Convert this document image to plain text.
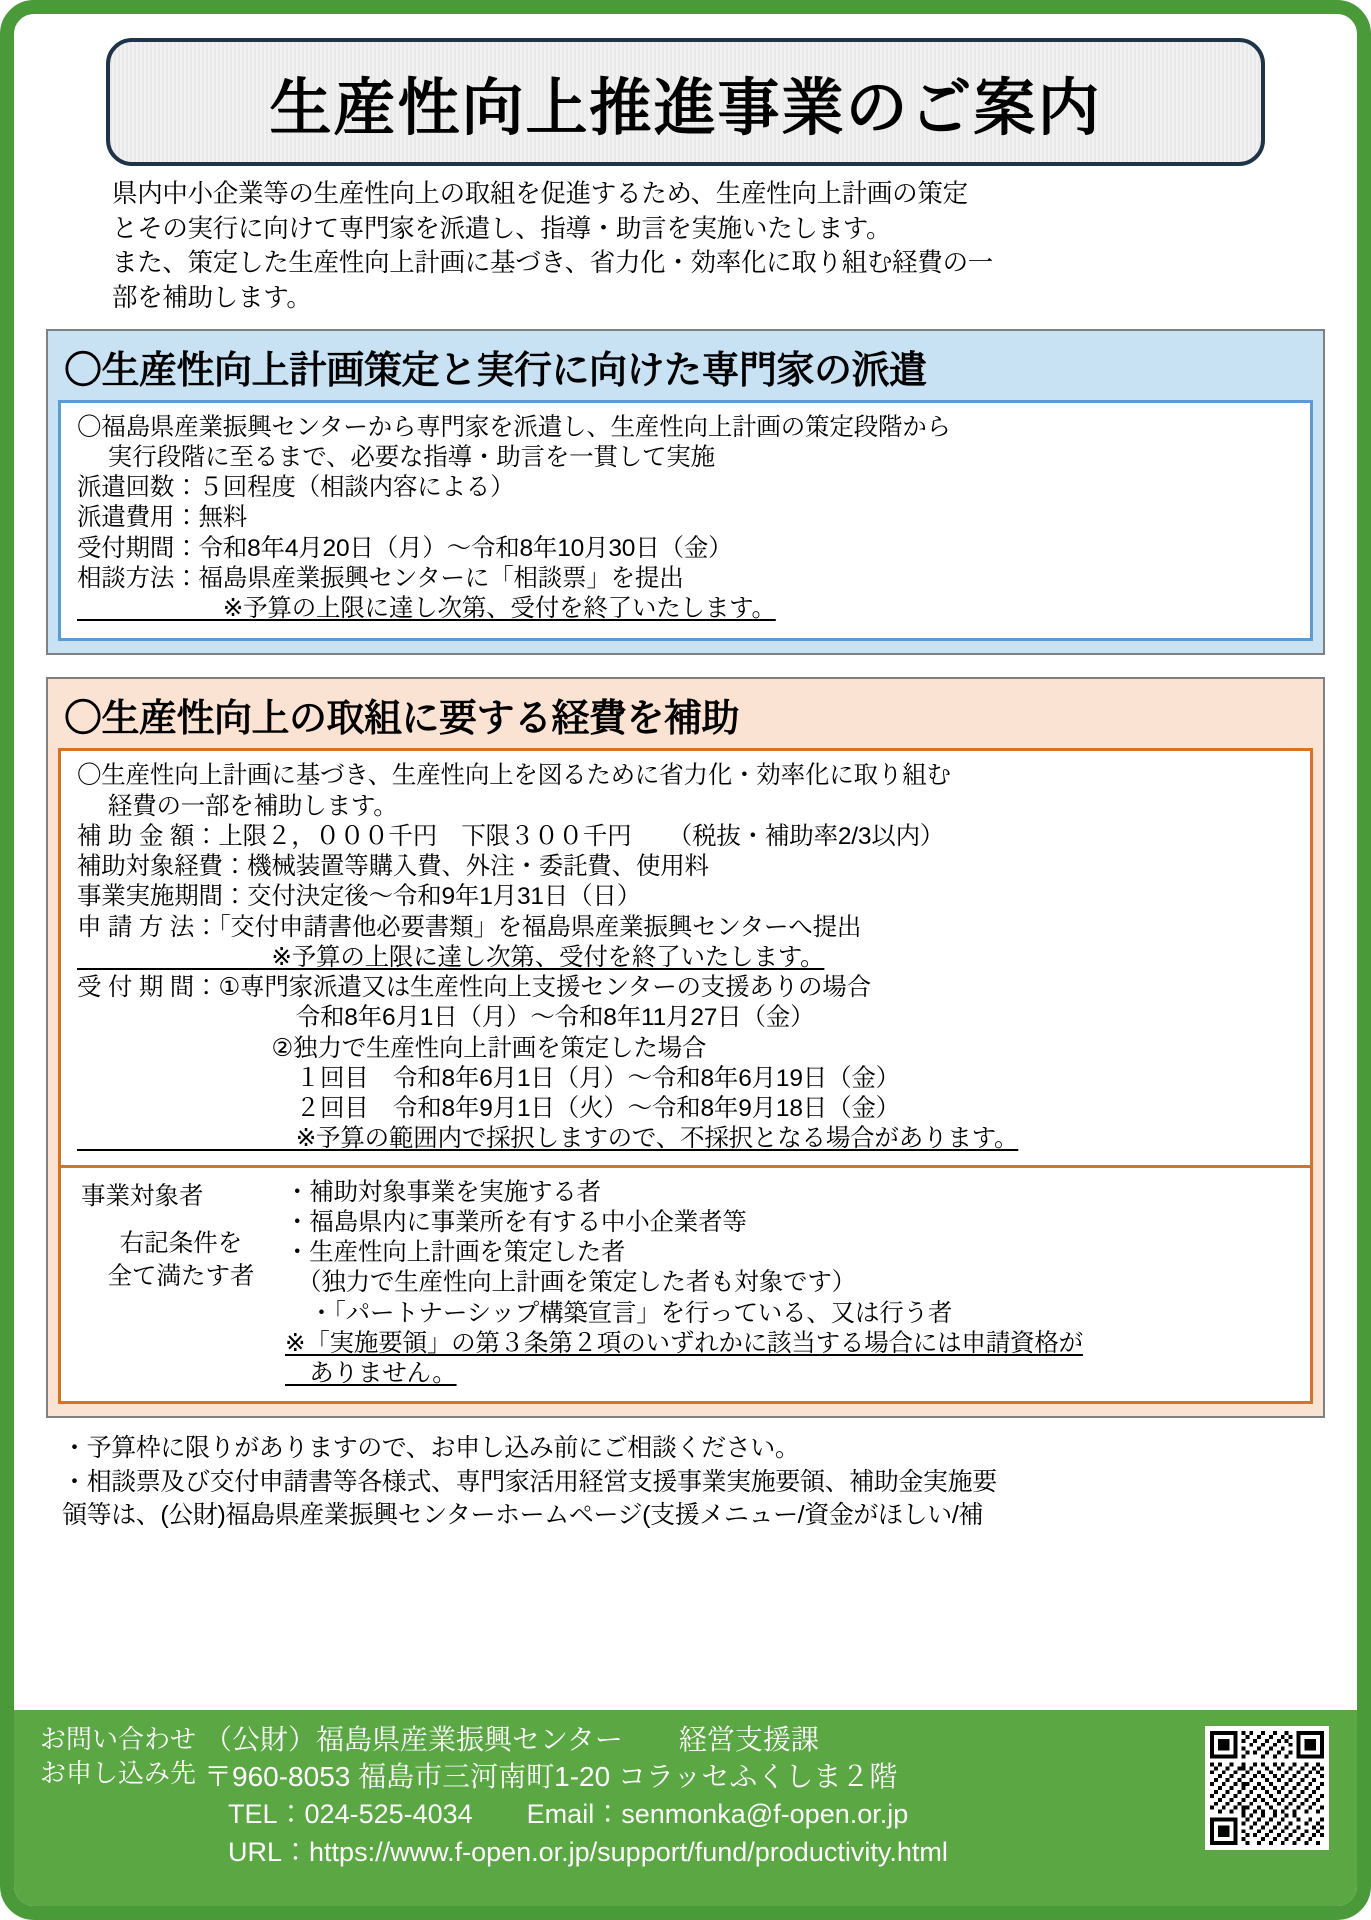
生産性向上推進事業のご案内

県内中小企業等の生産性向上の取組を促進するため、生産性向上計画の策定

とその実行に向けて専門家を派遣し、指導・助言を実施いたします。

また、策定した生産性向上計画に基づき、省力化・効率化に取り組む経費の一

部を補助します。

〇生産性向上計画策定と実行に向けた専門家の派遣
〇福島県産業振興センターから専門家を派遣し、生産性向上計画の策定段階から
　 実行段階に至るまで、必要な指導・助言を一貫して実施
派遣回数：５回程度（相談内容による）
派遣費用：無料
受付期間：令和8年4月20日（月）～令和8年10月30日（金）
相談方法：福島県産業振興センターに「相談票」を提出
　　　　　　※予算の上限に達し次第、受付を終了いたします。
〇生産性向上の取組に要する経費を補助
〇生産性向上計画に基づき、生産性向上を図るために省力化・効率化に取り組む
　 経費の一部を補助します。
補 助 金 額：上限２，０００千円　下限３００千円　　（税抜・補助率2/3以内）
補助対象経費：機械装置等購入費、外注・委託費、使用料
事業実施期間：交付決定後～令和9年1月31日（日）
申 請 方 法：「交付申請書他必要書類」を福島県産業振興センターへ提出
　　　　　　　　※予算の上限に達し次第、受付を終了いたします。
受 付 期 間：①専門家派遣又は生産性向上支援センターの支援ありの場合
　　　　　　　　　令和8年6月1日（月）～令和8年11月27日（金）
　　　　　　　　②独力で生産性向上計画を策定した場合
　　　　　　　　　１回目　令和8年6月1日（月）～令和8年6月19日（金）
　　　　　　　　　２回目　令和8年9月1日（火）～令和8年9月18日（金）
　　　　　　　　　※予算の範囲内で採択しますので、不採択となる場合があります。
事業対象者
右記条件を
全て満たす者
・補助対象事業を実施する者
・福島県内に事業所を有する中小企業者等
・生産性向上計画を策定した者
　（独力で生産性向上計画を策定した者も対象です）
　・「パートナーシップ構築宣言」を行っている、又は行う者
※「実施要領」の第３条第２項のいずれかに該当する場合には申請資格が
　ありません。

・予算枠に限りがありますので、お申し込み前にご相談ください。

・相談票及び交付申請書等各様式、専門家活用経営支援事業実施要領、補助金実施要

領等は、(公財)福島県産業振興センターホームページ(支援メニュー/資金がほしい/補

お問い合わせ
お申し込み先
（公財）福島県産業振興センター　　経営支援課
〒960-8053 福島市三河南町1-20 コラッセふくしま２階
TEL：024-525-4034　　Email：senmonka@f-open.or.jp
URL：https://www.f-open.or.jp/support/fund/productivity.html
